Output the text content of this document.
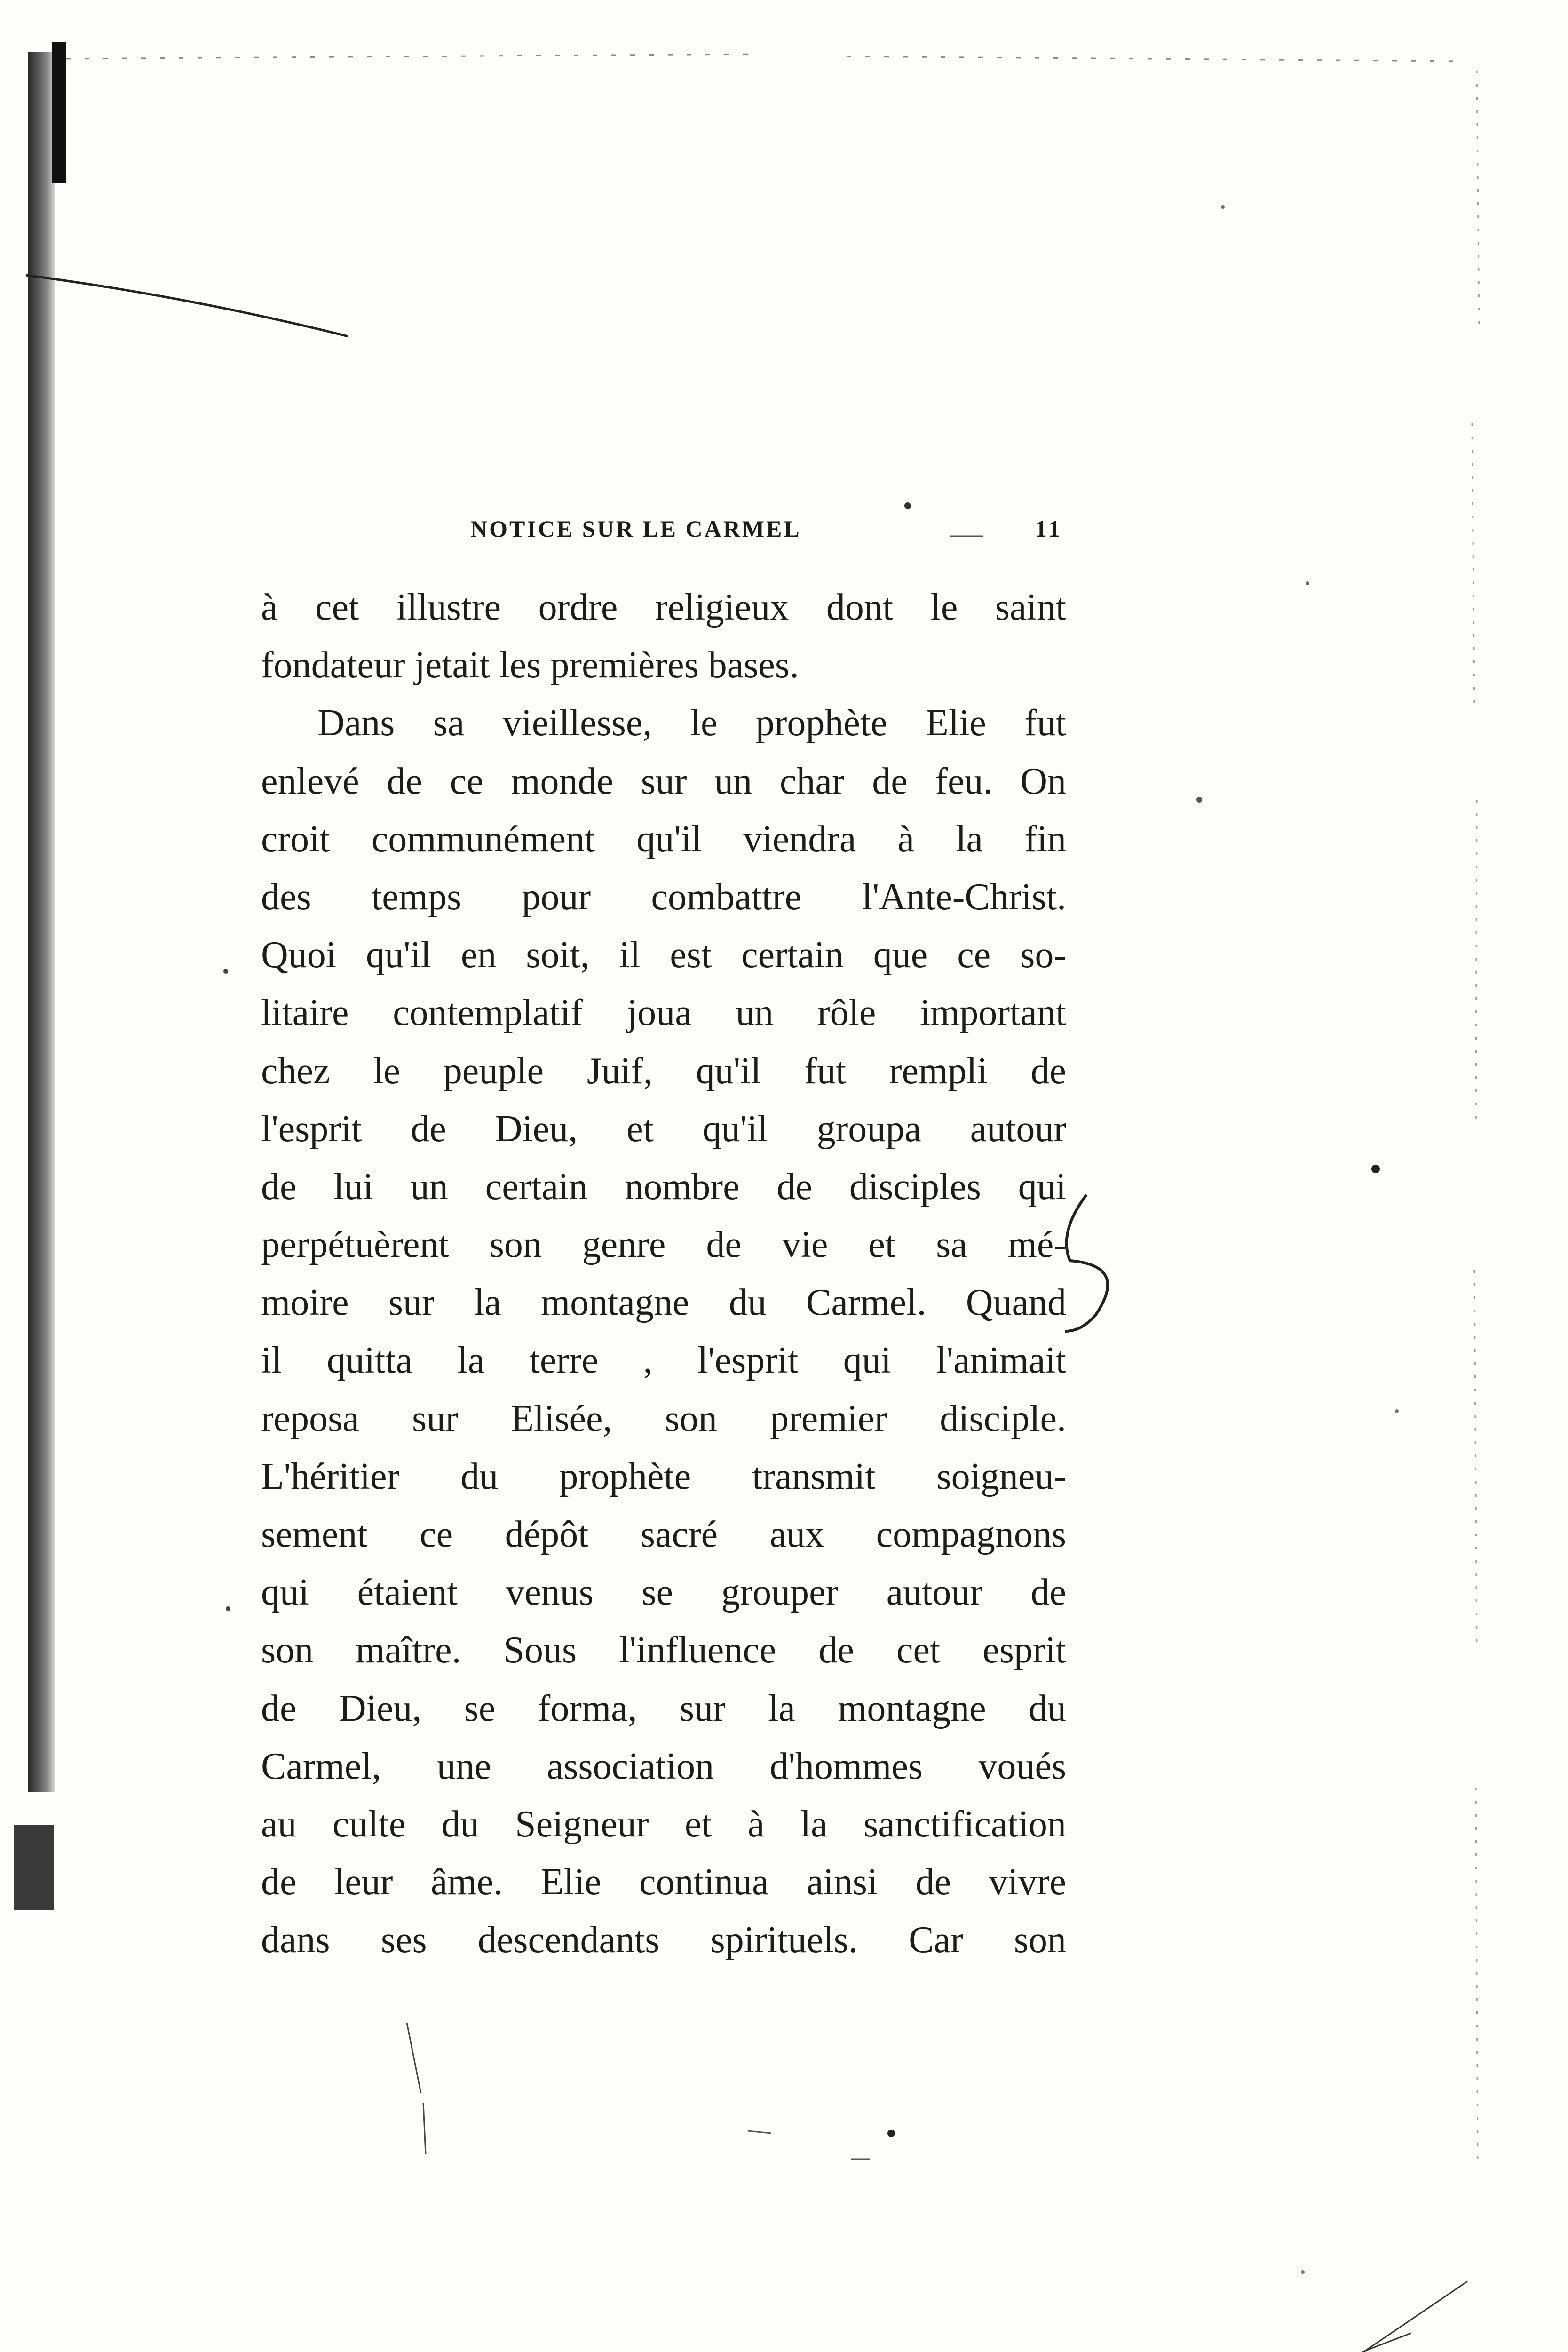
NOTICE SUR LE CARMEL	11
à cet illustre ordre religieux dont le saint
fondateur jetait les premières bases.
Dans sa vieillesse, le prophète Elie fut
enlevé de ce monde sur un char de feu. On
croit communément qu'il viendra à la fin
des temps pour combattre l'Ante-Christ.
Quoi qu'il en soit, il est certain que ce so-
litaire contemplatif joua un rôle important
chez le peuple Juif, qu'il fut rempli de
l'esprit de Dieu, et qu'il groupa autour
de lui un certain nombre de disciples qui
perpétuèrent son genre de vie et sa mé-
moire sur la montagne du Carmel. Quand
il quitta la terre , l'esprit qui l'animait
reposa sur Elisée, son premier disciple.
L'héritier du prophète transmit soigneu-
sement ce dépôt sacré aux compagnons
qui étaient venus se grouper autour de
son maître. Sous l'influence de cet esprit
de Dieu, se forma, sur la montagne du
Carmel, une association d'hommes voués
au culte du Seigneur et à la sanctification
de leur âme. Elie continua ainsi de vivre
dans ses descendants spirituels. Car son
